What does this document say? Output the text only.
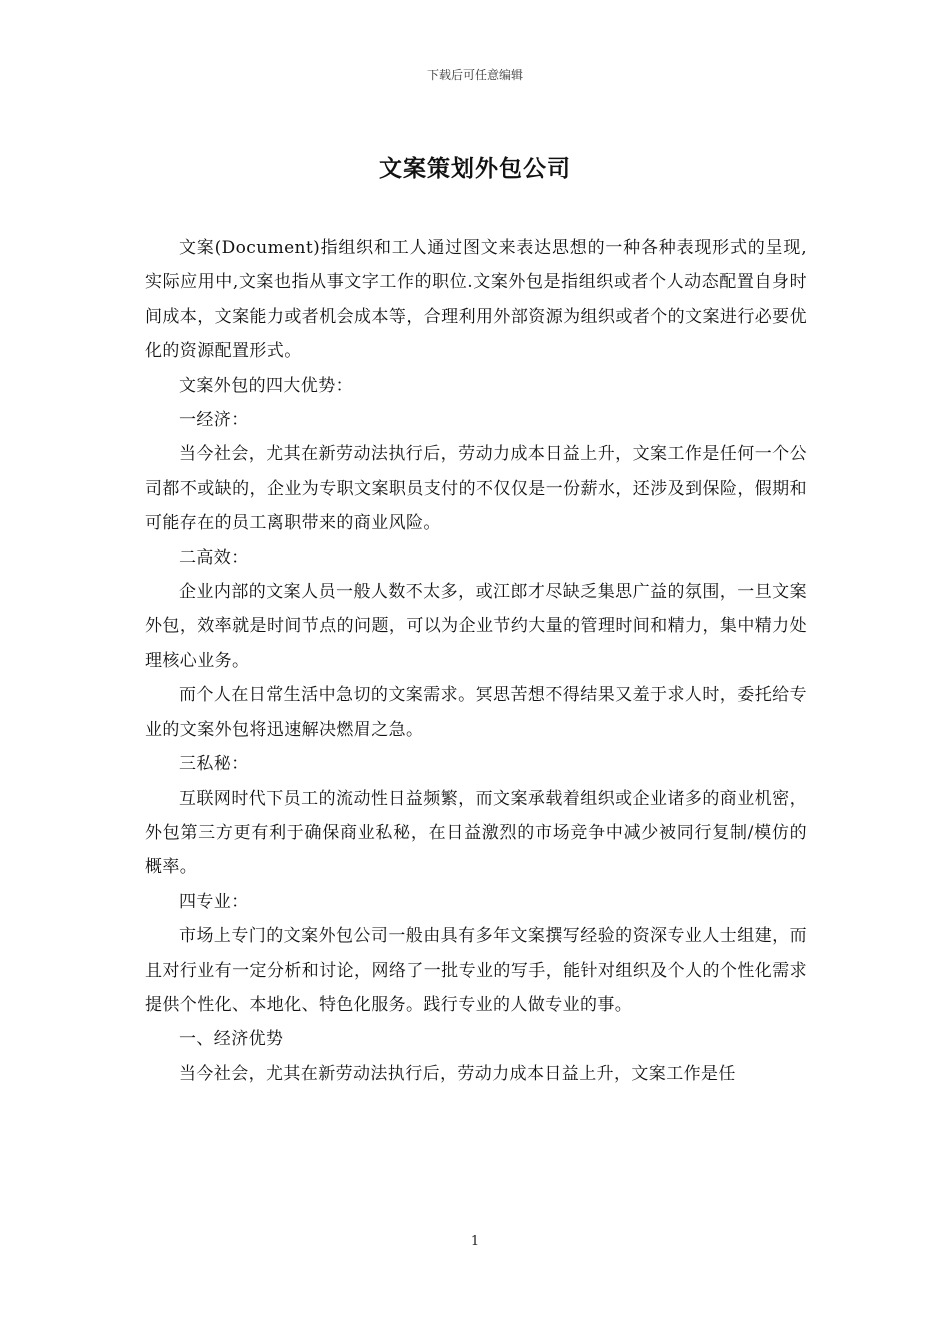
下载后可任意编辑
文案策划外包公司

文案(Document)指组织和工人通过图文来表达思想的一种各种表现形式的呈现,实际应用中,文案也指从事文字工作的职位.文案外包是指组织或者个人动态配置自身时间成本，文案能力或者机会成本等，合理利用外部资源为组织或者个的文案进行必要优化的资源配置形式。

文案外包的四大优势：

一经济：

当今社会，尤其在新劳动法执行后，劳动力成本日益上升，文案工作是任何一个公司都不或缺的，企业为专职文案职员支付的不仅仅是一份薪水，还涉及到保险，假期和可能存在的员工离职带来的商业风险。

二高效：

企业内部的文案人员一般人数不太多，或江郎才尽缺乏集思广益的氛围，一旦文案外包，效率就是时间节点的问题，可以为企业节约大量的管理时间和精力，集中精力处理核心业务。

而个人在日常生活中急切的文案需求。冥思苦想不得结果又羞于求人时，委托给专业的文案外包将迅速解决燃眉之急。

三私秘：

互联网时代下员工的流动性日益频繁，而文案承载着组织或企业诸多的商业机密，外包第三方更有利于确保商业私秘，在日益激烈的市场竞争中减少被同行复制/模仿的概率。

四专业：

市场上专门的文案外包公司一般由具有多年文案撰写经验的资深专业人士组建，而且对行业有一定分析和讨论，网络了一批专业的写手，能针对组织及个人的个性化需求提供个性化、本地化、特色化服务。践行专业的人做专业的事。

一、经济优势

当今社会，尤其在新劳动法执行后，劳动力成本日益上升，文案工作是任

1
